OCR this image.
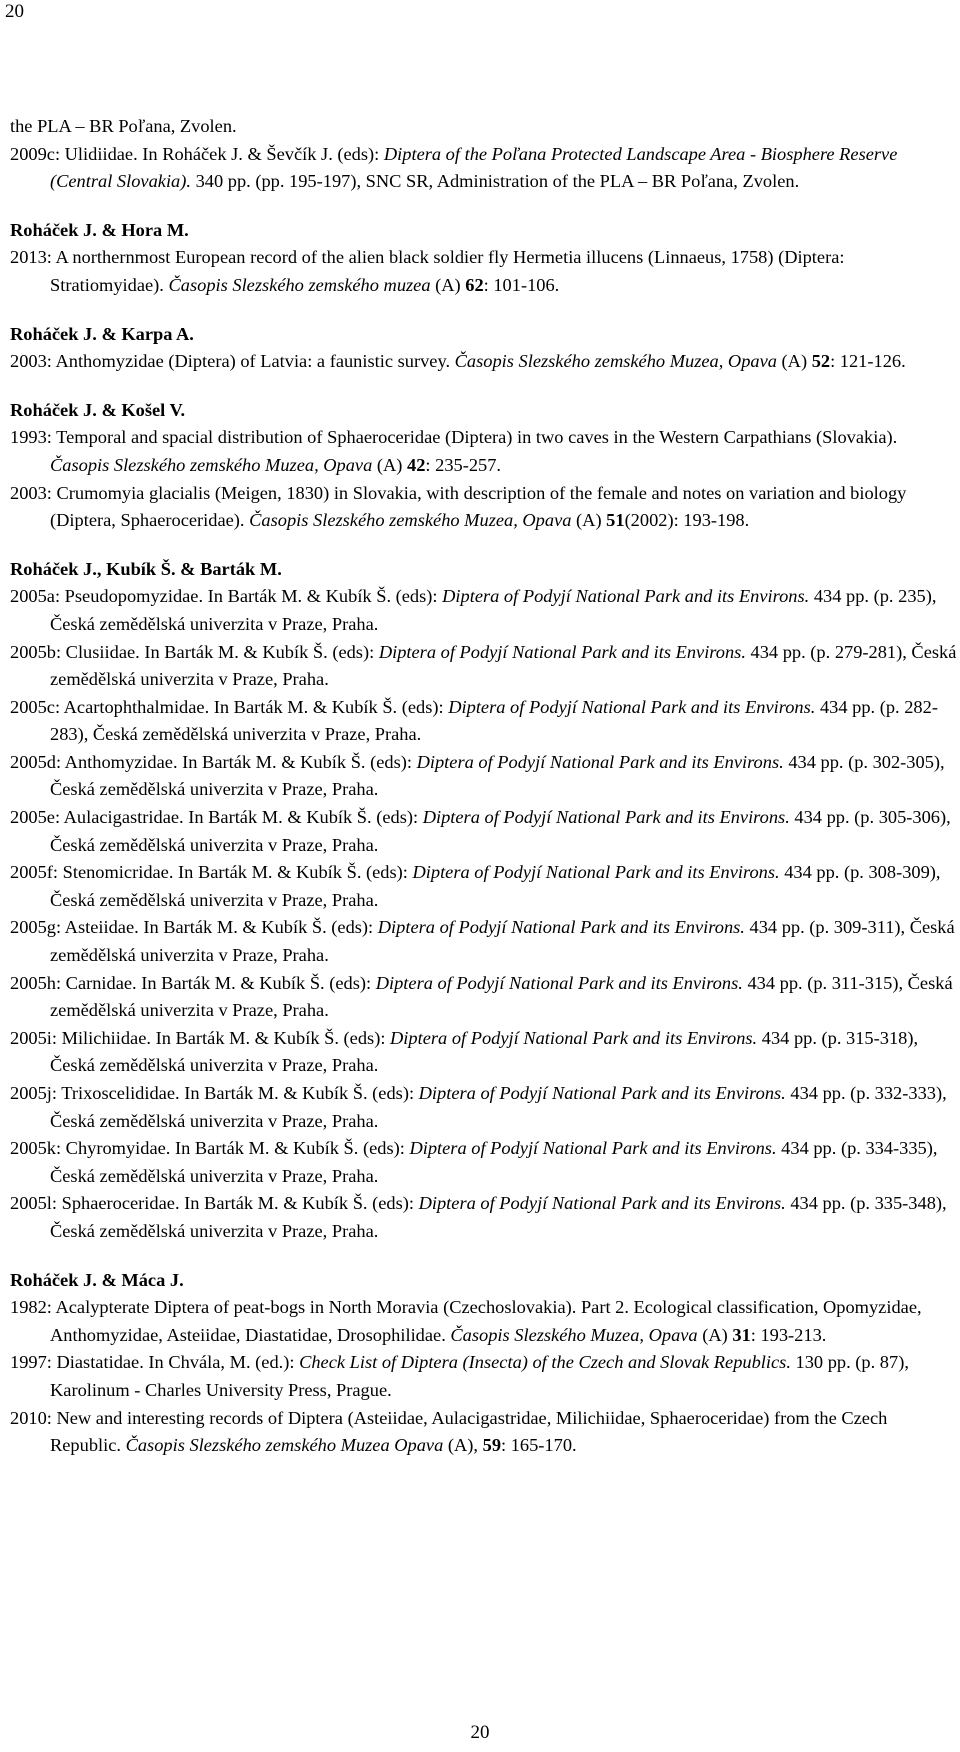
20

the PLA – BR Poľana, Zvolen.

2009c: Ulidiidae. In Roháček J. & Ševčík J. (eds): Diptera of the Poľana Protected Landscape Area - Biosphere Reserve (Central Slovakia). 340 pp. (pp. 195-197), SNC SR, Administration of the PLA – BR Poľana, Zvolen.

Roháček J. & Hora M.

2013: A northernmost European record of the alien black soldier fly Hermetia illucens (Linnaeus, 1758) (Diptera: Stratiomyidae). Časopis Slezského zemského muzea (A) 62: 101-106.

Roháček J. & Karpa A.

2003: Anthomyzidae (Diptera) of Latvia: a faunistic survey. Časopis Slezského zemského Muzea, Opava (A) 52: 121-126.

Roháček J. & Košel V.

1993: Temporal and spacial distribution of Sphaeroceridae (Diptera) in two caves in the Western Carpathians (Slovakia). Časopis Slezského zemského Muzea, Opava (A) 42: 235-257.

2003: Crumomyia glacialis (Meigen, 1830) in Slovakia, with description of the female and notes on variation and biology (Diptera, Sphaeroceridae). Časopis Slezského zemského Muzea, Opava (A) 51(2002): 193-198.

Roháček J., Kubík Š. & Barták M.

2005a: Pseudopomyzidae. In Barták M. & Kubík Š. (eds): Diptera of Podyjí National Park and its Environs. 434 pp. (p. 235), Česká zemědělská univerzita v Praze, Praha.

2005b: Clusiidae. In Barták M. & Kubík Š. (eds): Diptera of Podyjí National Park and its Environs. 434 pp. (p. 279-281), Česká zemědělská univerzita v Praze, Praha.

2005c: Acartophthalmidae. In Barták M. & Kubík Š. (eds): Diptera of Podyjí National Park and its Environs. 434 pp. (p. 282-283), Česká zemědělská univerzita v Praze, Praha.

2005d: Anthomyzidae. In Barták M. & Kubík Š. (eds): Diptera of Podyjí National Park and its Environs. 434 pp. (p. 302-305), Česká zemědělská univerzita v Praze, Praha.

2005e: Aulacigastridae. In Barták M. & Kubík Š. (eds): Diptera of Podyjí National Park and its Environs. 434 pp. (p. 305-306), Česká zemědělská univerzita v Praze, Praha.

2005f: Stenomicridae. In Barták M. & Kubík Š. (eds): Diptera of Podyjí National Park and its Environs. 434 pp. (p. 308-309), Česká zemědělská univerzita v Praze, Praha.

2005g: Asteiidae. In Barták M. & Kubík Š. (eds): Diptera of Podyjí National Park and its Environs. 434 pp. (p. 309-311), Česká zemědělská univerzita v Praze, Praha.

2005h: Carnidae. In Barták M. & Kubík Š. (eds): Diptera of Podyjí National Park and its Environs. 434 pp. (p. 311-315), Česká zemědělská univerzita v Praze, Praha.

2005i: Milichiidae. In Barták M. & Kubík Š. (eds): Diptera of Podyjí National Park and its Environs. 434 pp. (p. 315-318), Česká zemědělská univerzita v Praze, Praha.

2005j: Trixoscelididae. In Barták M. & Kubík Š. (eds): Diptera of Podyjí National Park and its Environs. 434 pp. (p. 332-333), Česká zemědělská univerzita v Praze, Praha.

2005k: Chyromyidae. In Barták M. & Kubík Š. (eds): Diptera of Podyjí National Park and its Environs. 434 pp. (p. 334-335), Česká zemědělská univerzita v Praze, Praha.

2005l: Sphaeroceridae. In Barták M. & Kubík Š. (eds): Diptera of Podyjí National Park and its Environs. 434 pp. (p. 335-348), Česká zemědělská univerzita v Praze, Praha.

Roháček J. & Máca J.

1982: Acalypterate Diptera of peat-bogs in North Moravia (Czechoslovakia). Part 2. Ecological classification, Opomyzidae, Anthomyzidae, Asteiidae, Diastatidae, Drosophilidae. Časopis Slezského Muzea, Opava (A) 31: 193-213.

1997: Diastatidae. In Chvála, M. (ed.): Check List of Diptera (Insecta) of the Czech and Slovak Republics. 130 pp. (p. 87), Karolinum - Charles University Press, Prague.

2010: New and interesting records of Diptera (Asteiidae, Aulacigastridae, Milichiidae, Sphaeroceridae) from the Czech Republic. Časopis Slezského zemského Muzea Opava (A), 59: 165-170.

20
